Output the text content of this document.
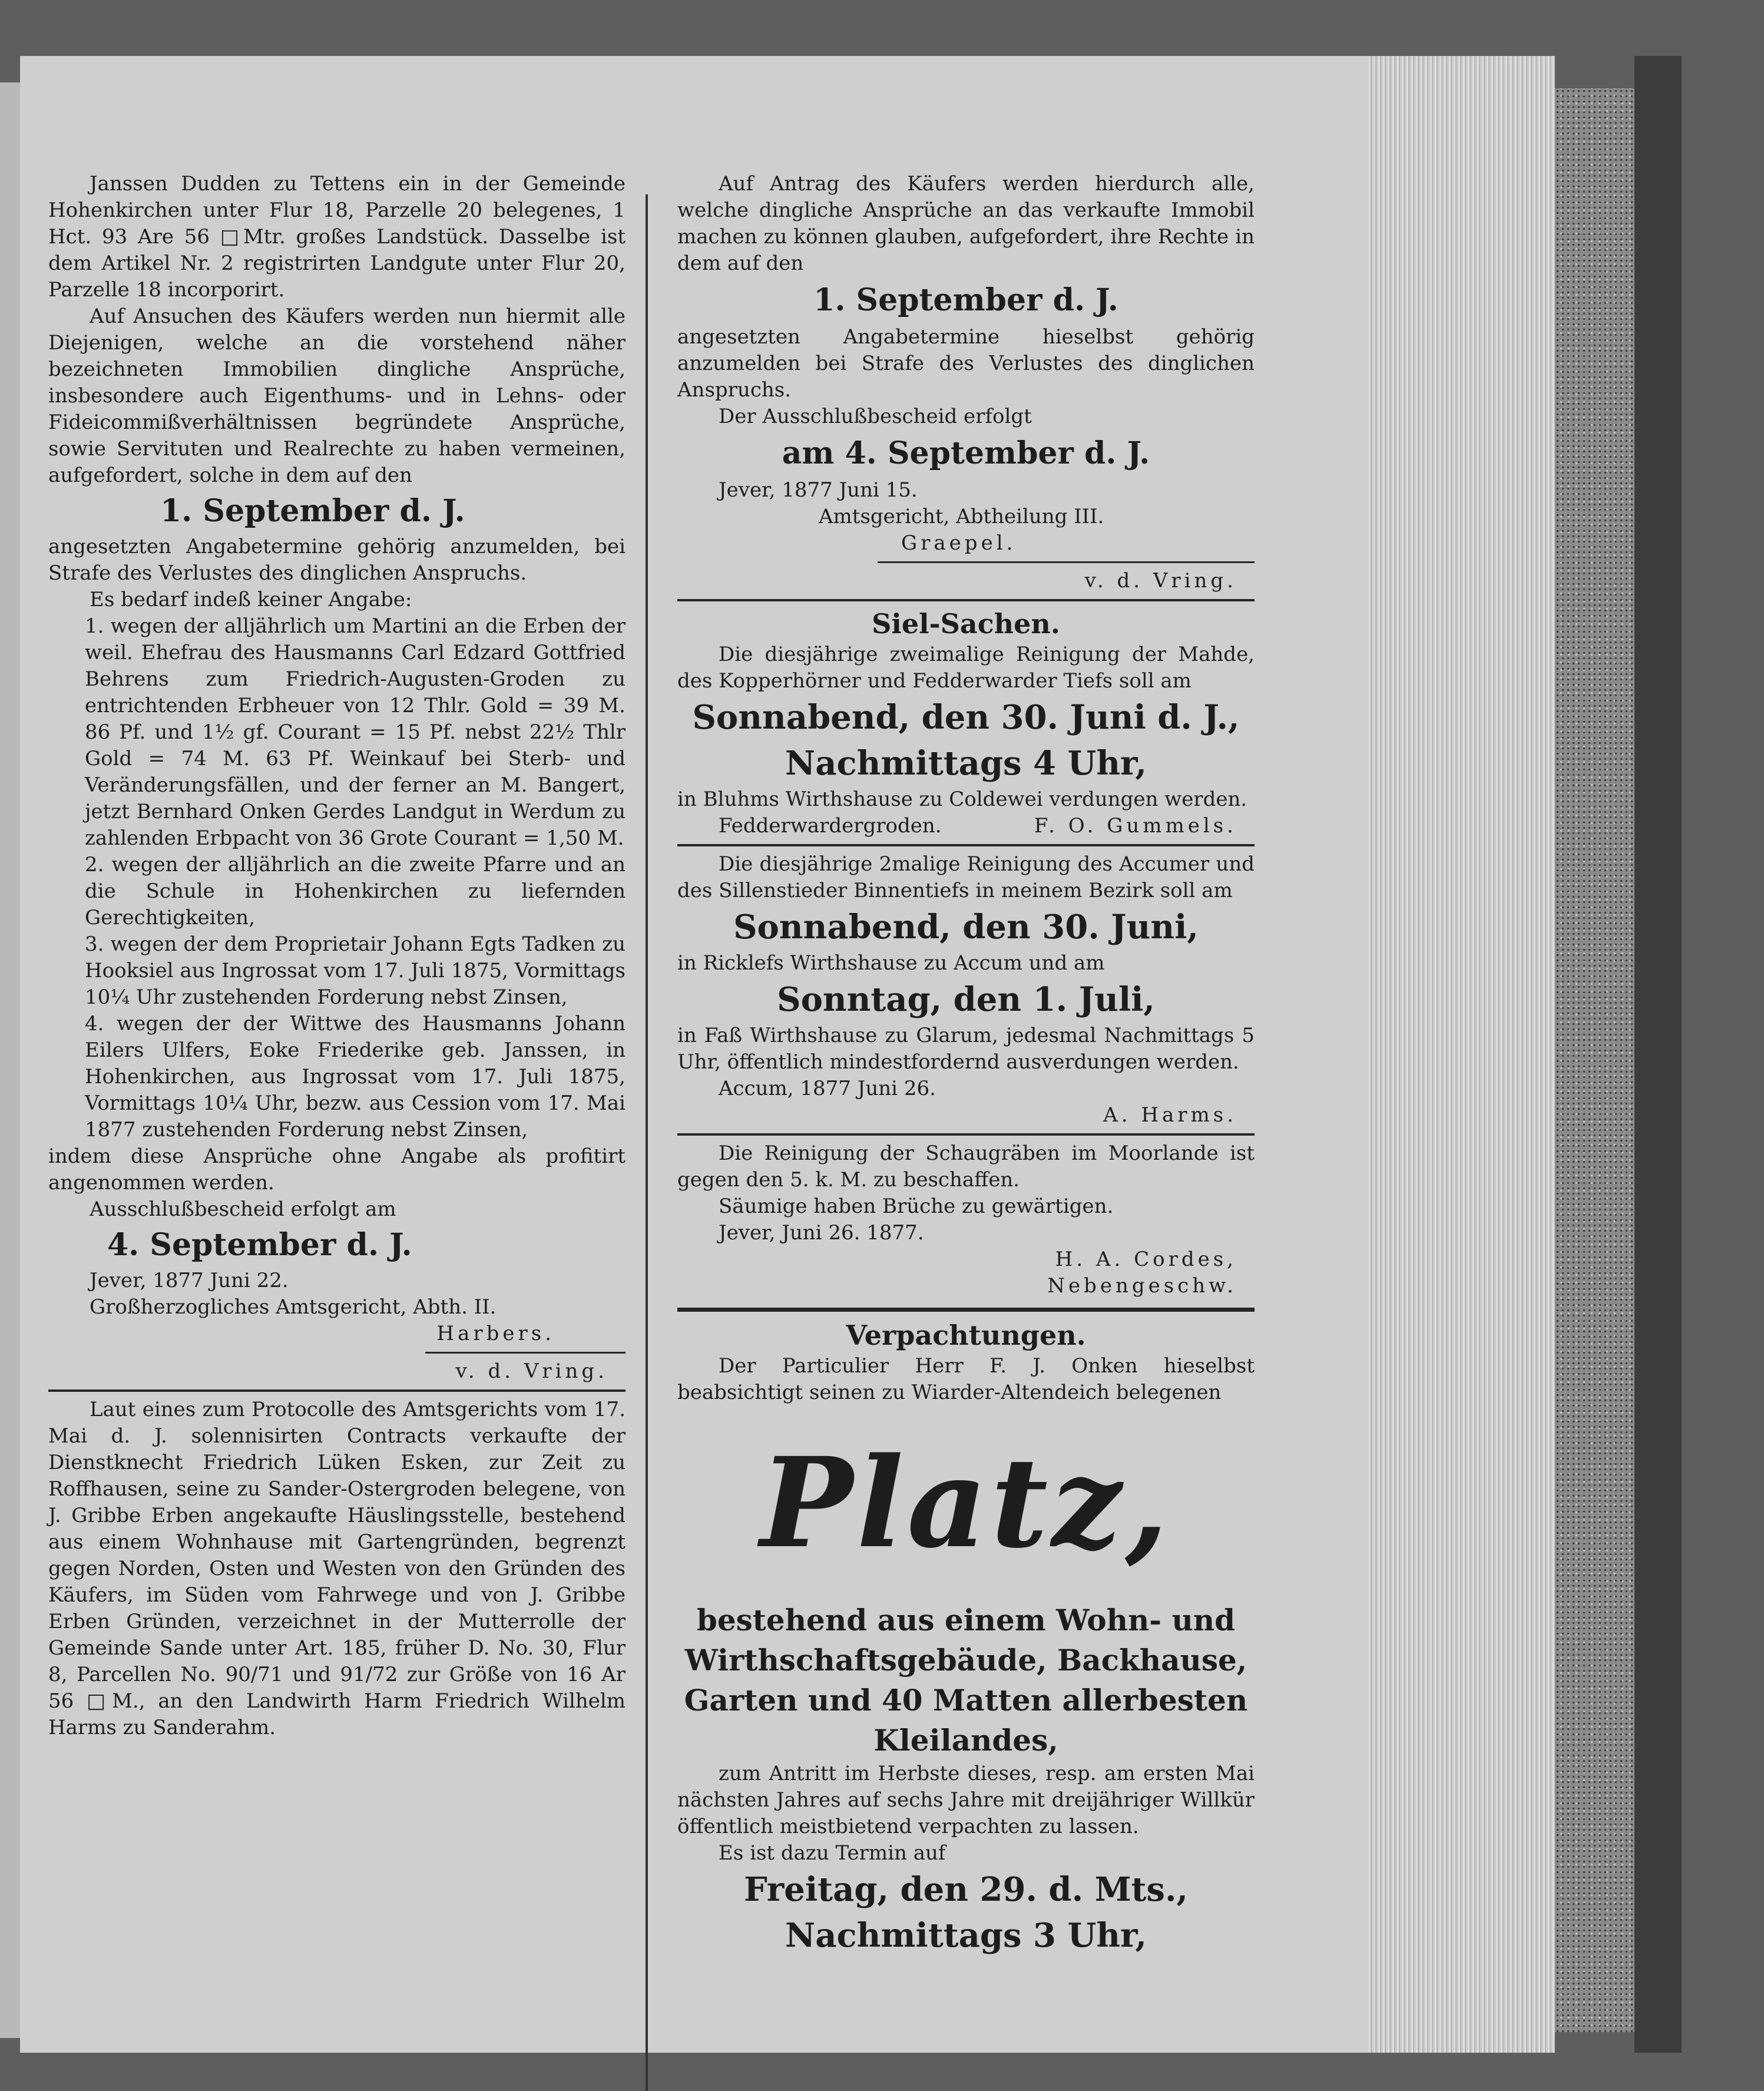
Janssen Dudden zu Tettens ein in der Gemeinde Hohenkirchen unter Flur 18, Parzelle 20 belegenes, 1 Hct. 93 Are 56 □Mtr. großes Landstück. Dasselbe ist dem Artikel Nr. 2 registrirten Landgute unter Flur 20, Parzelle 18 incorporirt.

Auf Ansuchen des Käufers werden nun hiermit alle Diejenigen, welche an die vorstehend näher bezeichneten Immobilien dingliche Ansprüche, insbesondere auch Eigenthums- und in Lehns- oder Fideicommißverhältnissen begründete Ansprüche, sowie Servituten und Realrechte zu haben vermeinen, aufgefordert, solche in dem auf den

1. September d. J.

angesetzten Angabetermine gehörig anzumelden, bei Strafe des Verlustes des dinglichen Anspruchs.

Es bedarf indeß keiner Angabe:

1. wegen der alljährlich um Martini an die Erben der weil. Ehefrau des Hausmanns Carl Edzard Gottfried Behrens zum Friedrich-Augusten-Groden zu entrichtenden Erbheuer von 12 Thlr. Gold = 39 M. 86 Pf. und 1½ gf. Courant = 15 Pf. nebst 22½ Thlr Gold = 74 M. 63 Pf. Weinkauf bei Sterb- und Veränderungsfällen, und der ferner an M. Bangert, jetzt Bernhard Onken Gerdes Landgut in Werdum zu zahlenden Erbpacht von 36 Grote Courant = 1,50 M.

2. wegen der alljährlich an die zweite Pfarre und an die Schule in Hohenkirchen zu liefernden Gerechtigkeiten,

3. wegen der dem Proprietair Johann Egts Tadken zu Hooksiel aus Ingrossat vom 17. Juli 1875, Vormittags 10¼ Uhr zustehenden Forderung nebst Zinsen,

4. wegen der der Wittwe des Hausmanns Johann Eilers Ulfers, Eoke Friederike geb. Janssen, in Hohenkirchen, aus Ingrossat vom 17. Juli 1875, Vormittags 10¼ Uhr, bezw. aus Cession vom 17. Mai 1877 zustehenden Forderung nebst Zinsen,

indem diese Ansprüche ohne Angabe als profitirt angenommen werden.

Ausschlußbescheid erfolgt am

4. September d. J.

Jever, 1877 Juni 22.

Großherzogliches Amtsgericht, Abth. II.

Harbers.

v. d. Vring.

Laut eines zum Protocolle des Amtsgerichts vom 17. Mai d. J. solennisirten Contracts verkaufte der Dienstknecht Friedrich Lüken Esken, zur Zeit zu Roffhausen, seine zu Sander-Ostergroden belegene, von J. Gribbe Erben angekaufte Häuslingsstelle, bestehend aus einem Wohnhause mit Gartengründen, begrenzt gegen Norden, Osten und Westen von den Gründen des Käufers, im Süden vom Fahrwege und von J. Gribbe Erben Gründen, verzeichnet in der Mutterrolle der Gemeinde Sande unter Art. 185, früher D. No. 30, Flur 8, Parcellen No. 90/71 und 91/72 zur Größe von 16 Ar 56 □M., an den Landwirth Harm Friedrich Wilhelm Harms zu Sanderahm.

Auf Antrag des Käufers werden hierdurch alle, welche dingliche Ansprüche an das verkaufte Immobil machen zu können glauben, aufgefordert, ihre Rechte in dem auf den

1. September d. J.

angesetzten Angabetermine hieselbst gehörig anzumelden bei Strafe des Verlustes des dinglichen Anspruchs.

Der Ausschlußbescheid erfolgt

am 4. September d. J.

Jever, 1877 Juni 15.

Amtsgericht, Abtheilung III.

Graepel.

v. d. Vring.

Siel-Sachen.

Die diesjährige zweimalige Reinigung der Mahde, des Kopperhörner und Fedderwarder Tiefs soll am

Sonnabend, den 30. Juni d. J.,
Nachmittags 4 Uhr,

in Bluhms Wirthshause zu Coldewei verdungen werden.

Fedderwardergroden.	F. O. Gummels.

Die diesjährige 2malige Reinigung des Accumer und des Sillenstieder Binnentiefs in meinem Bezirk soll am

Sonnabend, den 30. Juni,

in Ricklefs Wirthshause zu Accum und am

Sonntag, den 1. Juli,

in Faß Wirthshause zu Glarum, jedesmal Nachmittags 5 Uhr, öffentlich mindestfordernd ausverdungen werden.

Accum, 1877 Juni 26.

A. Harms.

Die Reinigung der Schaugräben im Moorlande ist gegen den 5. k. M. zu beschaffen.

Säumige haben Brüche zu gewärtigen.

Jever, Juni 26. 1877.

H. A. Cordes,

Nebengeschw.

Verpachtungen.

Der Particulier Herr F. J. Onken hieselbst beabsichtigt seinen zu Wiarder-Altendeich belegenen

Platz,
bestehend aus einem Wohn- und Wirthschaftsgebäude, Backhause, Garten und 40 Matten allerbesten Kleilandes,

zum Antritt im Herbste dieses, resp. am ersten Mai nächsten Jahres auf sechs Jahre mit dreijähriger Willkür öffentlich meistbietend verpachten zu lassen.

Es ist dazu Termin auf

Freitag, den 29. d. Mts.,
Nachmittags 3 Uhr,
